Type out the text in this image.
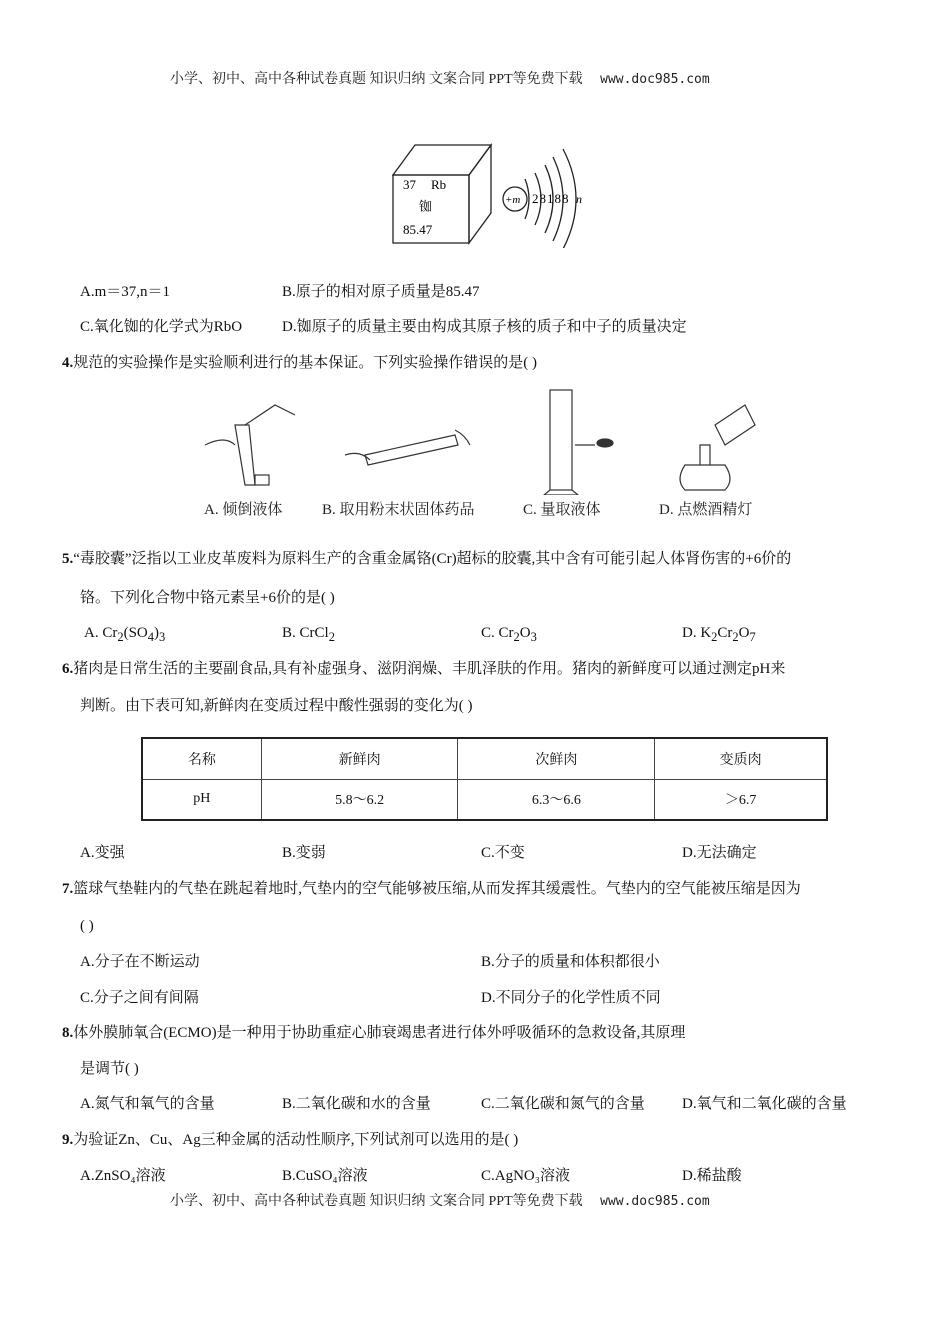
小学、初中、高中各种试卷真题 知识归纳 文案合同 PPT等免费下载 www.doc985.com
37 Rb
铷
85.47
+m 28188 n
A.m＝37,n＝1	B.原子的相对原子质量是85.47
C.氧化铷的化学式为RbO	D.铷原子的质量主要由构成其原子核的质子和中子的质量决定
4.规范的实验操作是实验顺利进行的基本保证。下列实验操作错误的是( )
A. 倾倒液体	B. 取用粉末状固体药品	C. 量取液体	D. 点燃酒精灯
5.“毒胶囊”泛指以工业皮革废料为原料生产的含重金属铬(Cr)超标的胶囊,其中含有可能引起人体肾伤害的+6价的
铬。下列化合物中铬元素呈+6价的是( )
A. $Cr_2(SO_4)_3$	B. CrCl$_2$	C. $Cr_2O_3$	D. $K_2Cr_2O_7$
6.猪肉是日常生活的主要副食品,具有补虚强身、滋阴润燥、丰肌泽肤的作用。猪肉的新鲜度可以通过测定pH来
判断。由下表可知,新鲜肉在变质过程中酸性强弱的变化为( )
名称	新鲜肉	次鲜肉	变质肉
pH	5.8～6.2	6.3～6.6	＞6.7
A.变强	B.变弱	C.不变	D.无法确定
7.篮球气垫鞋内的气垫在跳起着地时,气垫内的空气能够被压缩,从而发挥其缓震性。气垫内的空气能被压缩是因为
( )
A.分子在不断运动	B.分子的质量和体积都很小
C.分子之间有间隔	D.不同分子的化学性质不同
8.体外膜肺氧合(ECMO)是一种用于协助重症心肺衰竭患者进行体外呼吸循环的急救设备,其原理
是调节( )
A.氮气和氧气的含量	B.二氧化碳和水的含量	C.二氧化碳和氮气的含量 D.氧气和二氧化碳的含量
9.为验证Zn、Cu、Ag三种金属的活动性顺序,下列试剂可以选用的是( )
A.ZnSO₄溶液	B.CuSO₄溶液	C.AgNO₃溶液	D.稀盐酸
小学、初中、高中各种试卷真题 知识归纳 文案合同 PPT等免费下载 www.doc985.com
